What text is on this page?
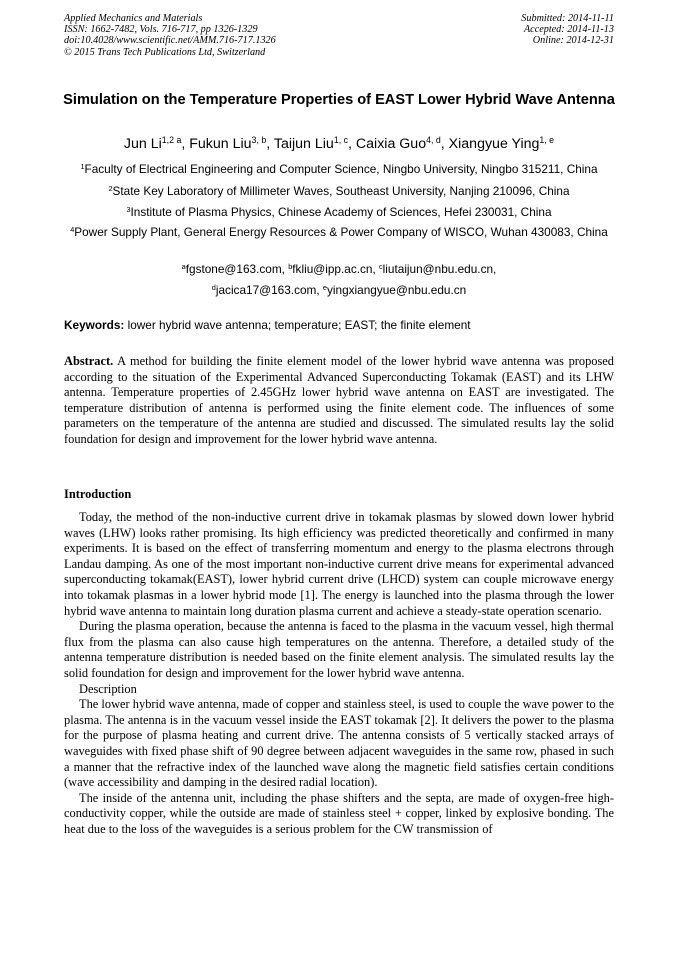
Applied Mechanics and Materials
ISSN: 1662-7482, Vols. 716-717, pp 1326-1329
doi:10.4028/www.scientific.net/AMM.716-717.1326
© 2015 Trans Tech Publications Ltd, Switzerland
Submitted: 2014-11-11
Accepted: 2014-11-13
Online: 2014-12-31
Simulation on the Temperature Properties of EAST Lower Hybrid Wave Antenna
Jun $Li^{1,2 a}$, Fukun Liu$^{3, b}$, Taijun Liu$^{1, c}$, Caixia Guo$^{4, d}$, Xiangyue Ying$^{1, e}$
$^1$Faculty of Electrical Engineering and Computer Science, Ningbo University, Ningbo 315211, China
$^2$State Key Laboratory of Millimeter Waves, Southeast University, Nanjing 210096, China
$^3$Institute of Plasma Physics, Chinese Academy of Sciences, Hefei 230031, China
$^4$Power Supply Plant, General Energy Resources & Power Company of WISCO, Wuhan 430083, China
$^a$fgstone@163.com, $^b$fkliu@ipp.ac.cn, $^c$liutaijun@nbu.edu.cn,
$^d$jacica17@163.com, $^e$yingxiangyue@nbu.edu.cn
Keywords: lower hybrid wave antenna; temperature; EAST; the finite element

Abstract. A method for building the finite element model of the lower hybrid wave antenna was proposed according to the situation of the Experimental Advanced Superconducting Tokamak (EAST) and its LHW antenna. Temperature properties of 2.45GHz lower hybrid wave antenna on EAST are investigated. The temperature distribution of antenna is performed using the finite element code. The influences of some parameters on the temperature of the antenna are studied and discussed. The simulated results lay the solid foundation for design and improvement for the lower hybrid wave antenna.

Introduction

Today, the method of the non-inductive current drive in tokamak plasmas by slowed down lower hybrid waves (LHW) looks rather promising. Its high efficiency was predicted theoretically and confirmed in many experiments. It is based on the effect of transferring momentum and energy to the plasma electrons through Landau damping. As one of the most important non-inductive current drive means for experimental advanced superconducting tokamak(EAST), lower hybrid current drive (LHCD) system can couple microwave energy into tokamak plasmas in a lower hybrid mode [1]. The energy is launched into the plasma through the lower hybrid wave antenna to maintain long duration plasma current and achieve a steady-state operation scenario.

During the plasma operation, because the antenna is faced to the plasma in the vacuum vessel, high thermal flux from the plasma can also cause high temperatures on the antenna. Therefore, a detailed study of the antenna temperature distribution is needed based on the finite element analysis. The simulated results lay the solid foundation for design and improvement for the lower hybrid wave antenna.

Description

The lower hybrid wave antenna, made of copper and stainless steel, is used to couple the wave power to the plasma. The antenna is in the vacuum vessel inside the EAST tokamak [2]. It delivers the power to the plasma for the purpose of plasma heating and current drive. The antenna consists of 5 vertically stacked arrays of waveguides with fixed phase shift of 90 degree between adjacent waveguides in the same row, phased in such a manner that the refractive index of the launched wave along the magnetic field satisfies certain conditions (wave accessibility and damping in the desired radial location).

The inside of the antenna unit, including the phase shifters and the septa, are made of oxygen-free high-conductivity copper, while the outside are made of stainless steel + copper, linked by explosive bonding. The heat due to the loss of the waveguides is a serious problem for the CW transmission of
